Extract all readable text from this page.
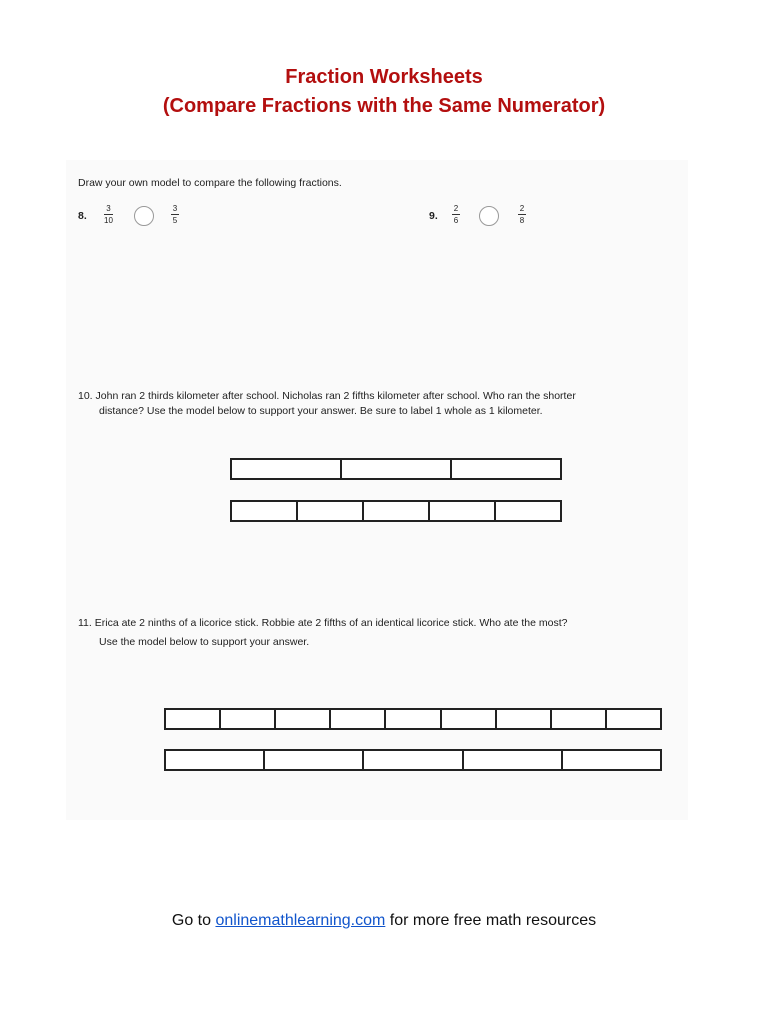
Fraction Worksheets
(Compare Fractions with the Same Numerator)
Draw your own model to compare the following fractions.
8.
3
10
3
5	9.
2
6
2
8
10. John ran 2 thirds kilometer after school. Nicholas ran 2 fifths kilometer after school. Who ran the shorter
distance? Use the model below to support your answer. Be sure to label 1 whole as 1 kilometer.
11. Erica ate 2 ninths of a licorice stick. Robbie ate 2 fifths of an identical licorice stick. Who ate the most?
Use the model below to support your answer.
Go to onlinemathlearning.com for more free math resources
